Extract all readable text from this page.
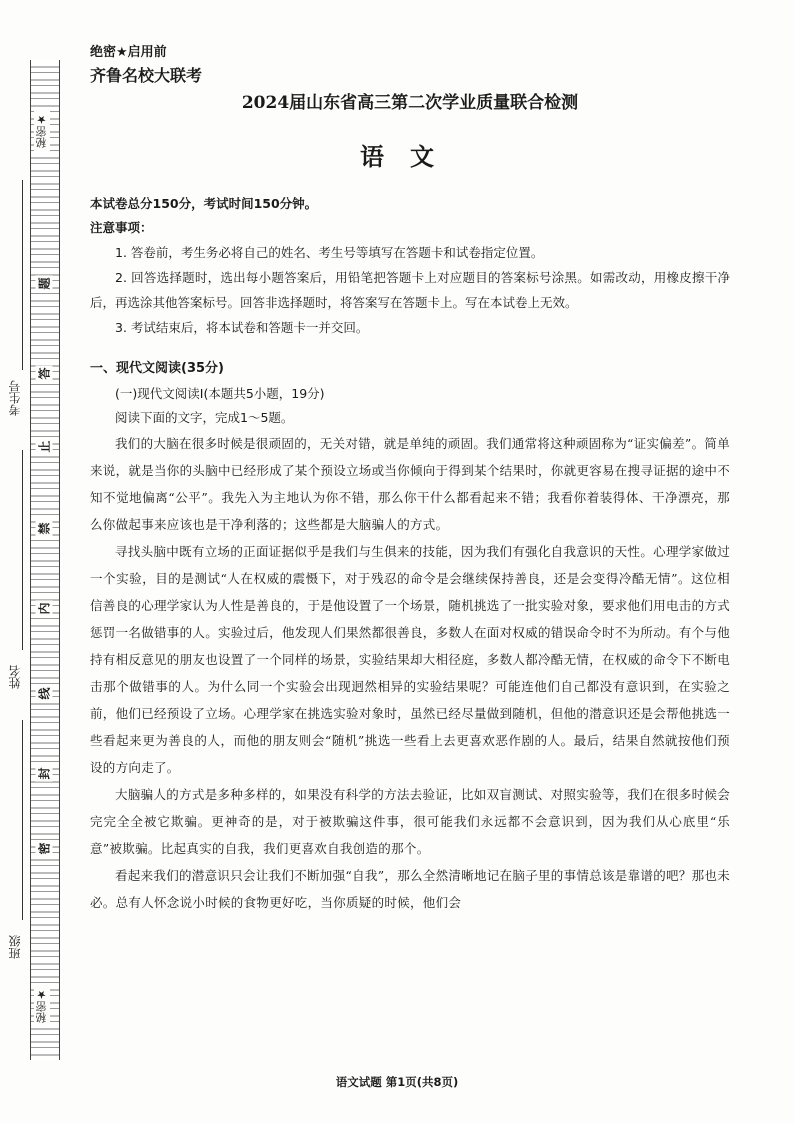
秘密★
秘密★
题
答
止
禁
内
线
封
密
考生号
姓名
班级

绝密★启用前

齐鲁名校大联考

2024届山东省高三第二次学业质量联合检测

语文

本试卷总分150分，考试时间150分钟。

注意事项：

1. 答卷前，考生务必将自己的姓名、考生号等填写在答题卡和试卷指定位置。

2. 回答选择题时，选出每小题答案后，用铅笔把答题卡上对应题目的答案标号涂黑。如需改动，用橡皮擦干净后，再选涂其他答案标号。回答非选择题时，将答案写在答题卡上。写在本试卷上无效。

3. 考试结束后，将本试卷和答题卡一并交回。

一、现代文阅读(35分)

(一)现代文阅读Ⅰ(本题共5小题，19分)

阅读下面的文字，完成1～5题。

我们的大脑在很多时候是很顽固的，无关对错，就是单纯的顽固。我们通常将这种顽固称为“证实偏差”。简单来说，就是当你的头脑中已经形成了某个预设立场或当你倾向于得到某个结果时，你就更容易在搜寻证据的途中不知不觉地偏离“公平”。我先入为主地认为你不错，那么你干什么都看起来不错；我看你着装得体、干净漂亮，那么你做起事来应该也是干净利落的；这些都是大脑骗人的方式。

寻找头脑中既有立场的正面证据似乎是我们与生俱来的技能，因为我们有强化自我意识的天性。心理学家做过一个实验，目的是测试“人在权威的震慑下，对于残忍的命令是会继续保持善良，还是会变得冷酷无情”。这位相信善良的心理学家认为人性是善良的，于是他设置了一个场景，随机挑选了一批实验对象，要求他们用电击的方式惩罚一名做错事的人。实验过后，他发现人们果然都很善良，多数人在面对权威的错误命令时不为所动。有个与他持有相反意见的朋友也设置了一个同样的场景，实验结果却大相径庭，多数人都冷酷无情，在权威的命令下不断电击那个做错事的人。为什么同一个实验会出现迥然相异的实验结果呢？可能连他们自己都没有意识到，在实验之前，他们已经预设了立场。心理学家在挑选实验对象时，虽然已经尽量做到随机，但他的潜意识还是会帮他挑选一些看起来更为善良的人，而他的朋友则会“随机”挑选一些看上去更喜欢恶作剧的人。最后，结果自然就按他们预设的方向走了。

大脑骗人的方式是多种多样的，如果没有科学的方法去验证，比如双盲测试、对照实验等，我们在很多时候会完完全全被它欺骗。更神奇的是，对于被欺骗这件事，很可能我们永远都不会意识到，因为我们从心底里“乐意”被欺骗。比起真实的自我，我们更喜欢自我创造的那个。

看起来我们的潜意识只会让我们不断加强“自我”，那么全然清晰地记在脑子里的事情总该是靠谱的吧？那也未必。总有人怀念说小时候的食物更好吃，当你质疑的时候，他们会

语文试题 第1页(共8页)
